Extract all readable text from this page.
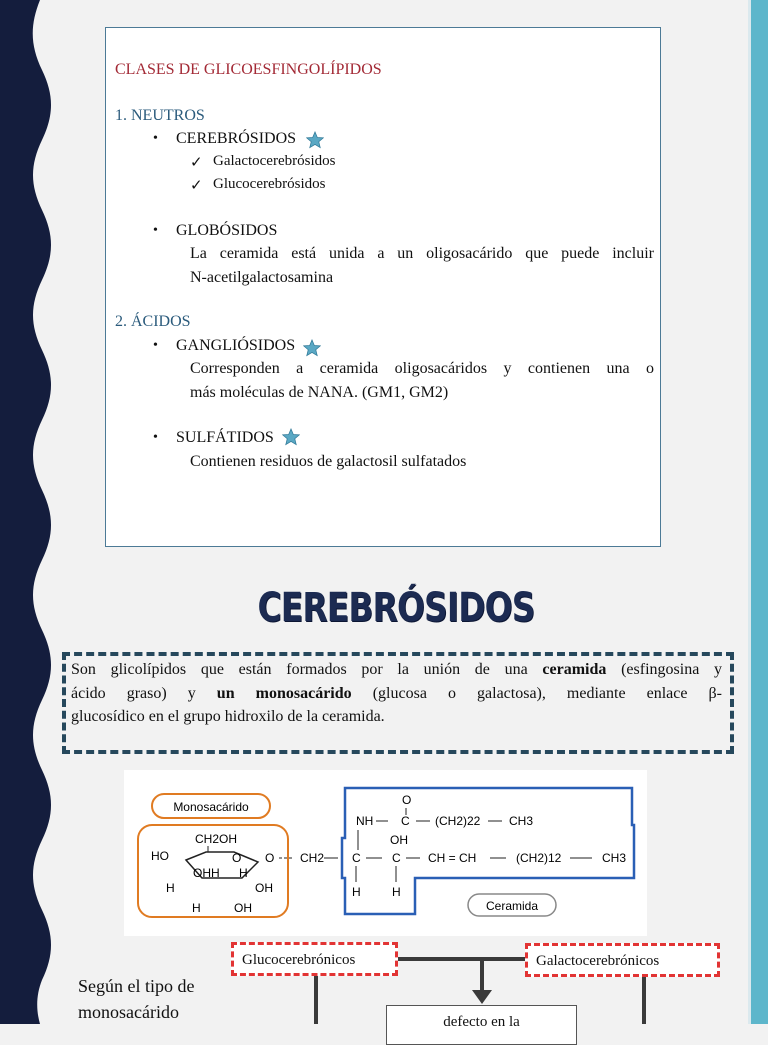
CLASES DE GLICOESFINGOLÍPIDOS
1. NEUTROS
• CEREBRÓSIDOS
✓ Galactocerebrósidos
✓ Glucocerebrósidos
• GLOBÓSIDOS
La ceramida está unida a un oligosacárido que puede incluir
N-acetilgalactosamina
2. ÁCIDOS
• GANGLIÓSIDOS
Corresponden a ceramida oligosacáridos y contienen una o
más moléculas de NANA. (GM1, GM2)
• SULFÁTIDOS
Contienen residuos de galactosil sulfatados
CEREBRÓSIDOS
Son glicolípidos que están formados por la unión de una ceramida (esfingosina y
ácido graso) y un monosacárido (glucosa o galactosa), mediante enlace β-
glucosídico en el grupo hidroxilo de la ceramida.
Monosacárido
CH2OH
HO	O O
OH H H
H	OH
H	OH
NH C
O
(CH2)22 CH3
OH
CH2 C	C CH = CH	(CH2)12	CH3
H	H
Ceramida
Glucocerebrónicos	Galactocerebrónicos
Según el tipo de
monosacárido	defecto en la
